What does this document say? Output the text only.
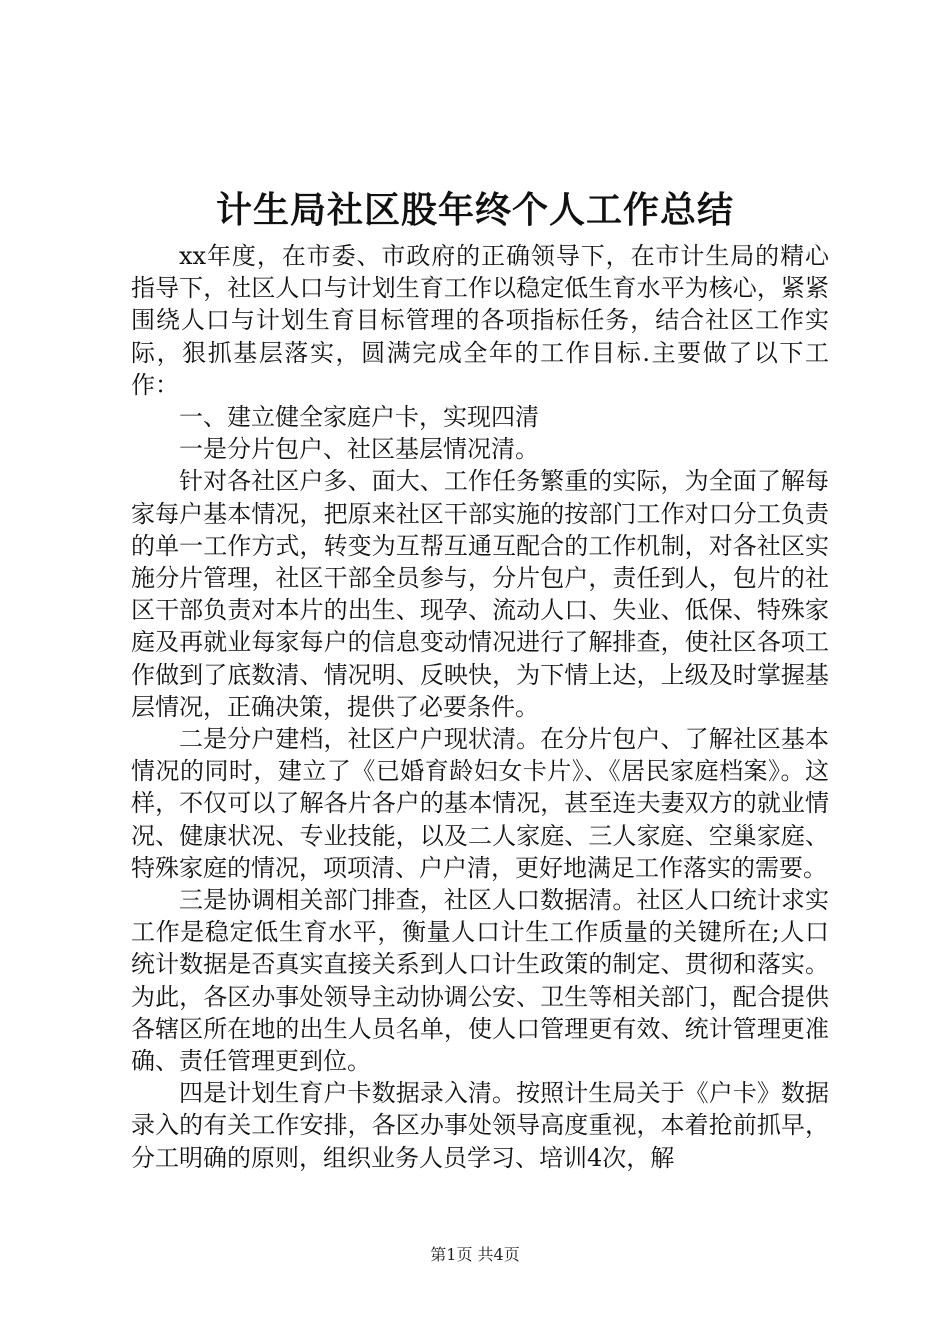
计生局社区股年终个人工作总结

xx年度，在市委、市政府的正确领导下，在市计生局的精心指导下，社区人口与计划生育工作以稳定低生育水平为核心，紧紧围绕人口与计划生育目标管理的各项指标任务，结合社区工作实际，狠抓基层落实，圆满完成全年的工作目标.主要做了以下工作：

一、建立健全家庭户卡，实现四清

一是分片包户、社区基层情况清。

针对各社区户多、面大、工作任务繁重的实际，为全面了解每家每户基本情况，把原来社区干部实施的按部门工作对口分工负责的单一工作方式，转变为互帮互通互配合的工作机制，对各社区实施分片管理，社区干部全员参与，分片包户，责任到人，包片的社区干部负责对本片的出生、现孕、流动人口、失业、低保、特殊家庭及再就业每家每户的信息变动情况进行了解排查，使社区各项工作做到了底数清、情况明、反映快，为下情上达，上级及时掌握基层情况，正确决策，提供了必要条件。

二是分户建档，社区户户现状清。在分片包户、了解社区基本情况的同时，建立了《已婚育龄妇女卡片》、《居民家庭档案》。这样，不仅可以了解各片各户的基本情况，甚至连夫妻双方的就业情况、健康状况、专业技能，以及二人家庭、三人家庭、空巢家庭、特殊家庭的情况，项项清、户户清，更好地满足工作落实的需要。

三是协调相关部门排查，社区人口数据清。社区人口统计求实工作是稳定低生育水平，衡量人口计生工作质量的关键所在;人口统计数据是否真实直接关系到人口计生政策的制定、贯彻和落实。为此，各区办事处领导主动协调公安、卫生等相关部门，配合提供各辖区所在地的出生人员名单，使人口管理更有效、统计管理更准确、责任管理更到位。

四是计划生育户卡数据录入清。按照计生局关于《户卡》数据录入的有关工作安排，各区办事处领导高度重视，本着抢前抓早，分工明确的原则，组织业务人员学习、培训4次，解

第1页 共4页
